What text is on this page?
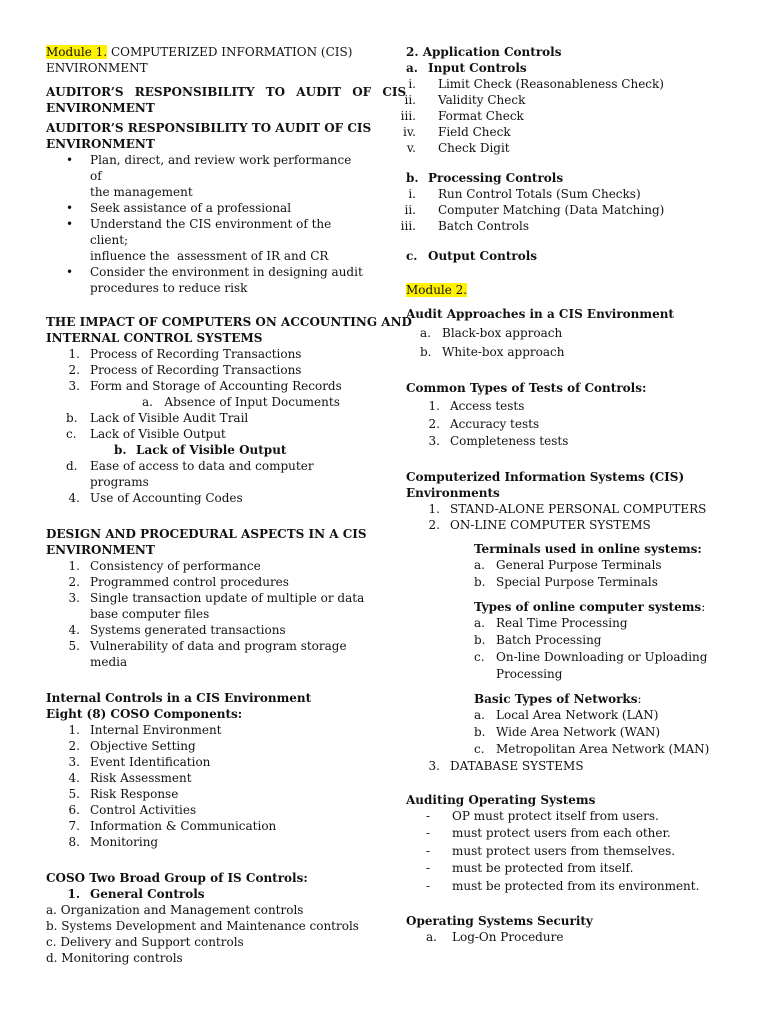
Module 1. COMPUTERIZED INFORMATION (CIS)
ENVIRONMENT
AUDITOR’S RESPONSIBILITY TO AUDIT OF CIS
ENVIRONMENT
AUDITOR’S RESPONSIBILITY TO AUDIT OF CIS
ENVIRONMENT
• Plan, direct, and review work performance of
the management
• Seek assistance of a professional
• Understand the CIS environment of the client;
influence the  assessment of IR and CR
• Consider the environment in designing audit
procedures to reduce risk
THE IMPACT OF COMPUTERS ON ACCOUNTING AND
INTERNAL CONTROL SYSTEMS
1. Process of Recording Transactions
2. Process of Recording Transactions
3. Form and Storage of Accounting Records
a.   Absence of Input Documents
b.	Lack of Visible Audit Trail
c.	Lack of Visible Output
b. Lack of Visible Output
d.	Ease of access to data and computer
programs
4. Use of Accounting Codes
DESIGN AND PROCEDURAL ASPECTS IN A CIS
ENVIRONMENT
1. Consistency of performance
2. Programmed control procedures
3. Single transaction update of multiple or data
base computer files
4. Systems generated transactions
5. Vulnerability of data and program storage
media
Internal Controls in a CIS Environment
Eight (8) COSO Components:
1. Internal Environment
2. Objective Setting
3. Event Identification
4. Risk Assessment
5. Risk Response
6. Control Activities
7. Information & Communication
8. Monitoring
COSO Two Broad Group of IS Controls:
1. General Controls
a. Organization and Management controls
b. Systems Development and Maintenance controls
c. Delivery and Support controls
d. Monitoring controls
2. Application Controls
a. Input Controls
i. Limit Check (Reasonableness Check)
ii. Validity Check
iii. Format Check
iv. Field Check
v. Check Digit
b. Processing Controls
i. Run Control Totals (Sum Checks)
ii. Computer Matching (Data Matching)
iii. Batch Controls
c. Output Controls
Module 2.
Audit Approaches in a CIS Environment
a. Black-box approach
b. White-box approach
Common Types of Tests of Controls:
1. Access tests
2. Accuracy tests
3. Completeness tests
Computerized Information Systems (CIS)
Environments
1. STAND-ALONE PERSONAL COMPUTERS
2. ON-LINE COMPUTER SYSTEMS
Terminals used in online systems:
a. General Purpose Terminals
b. Special Purpose Terminals
Types of online computer systems:
a. Real Time Processing
b. Batch Processing
c. On-line Downloading or Uploading
Processing
Basic Types of Networks:
a. Local Area Network (LAN)
b. Wide Area Network (WAN)
c. Metropolitan Area Network (MAN)
3. DATABASE SYSTEMS
Auditing Operating Systems
- OP must protect itself from users.
- must protect users from each other.
- must protect users from themselves.
- must be protected from itself.
- must be protected from its environment.
Operating Systems Security
a. Log-On Procedure
